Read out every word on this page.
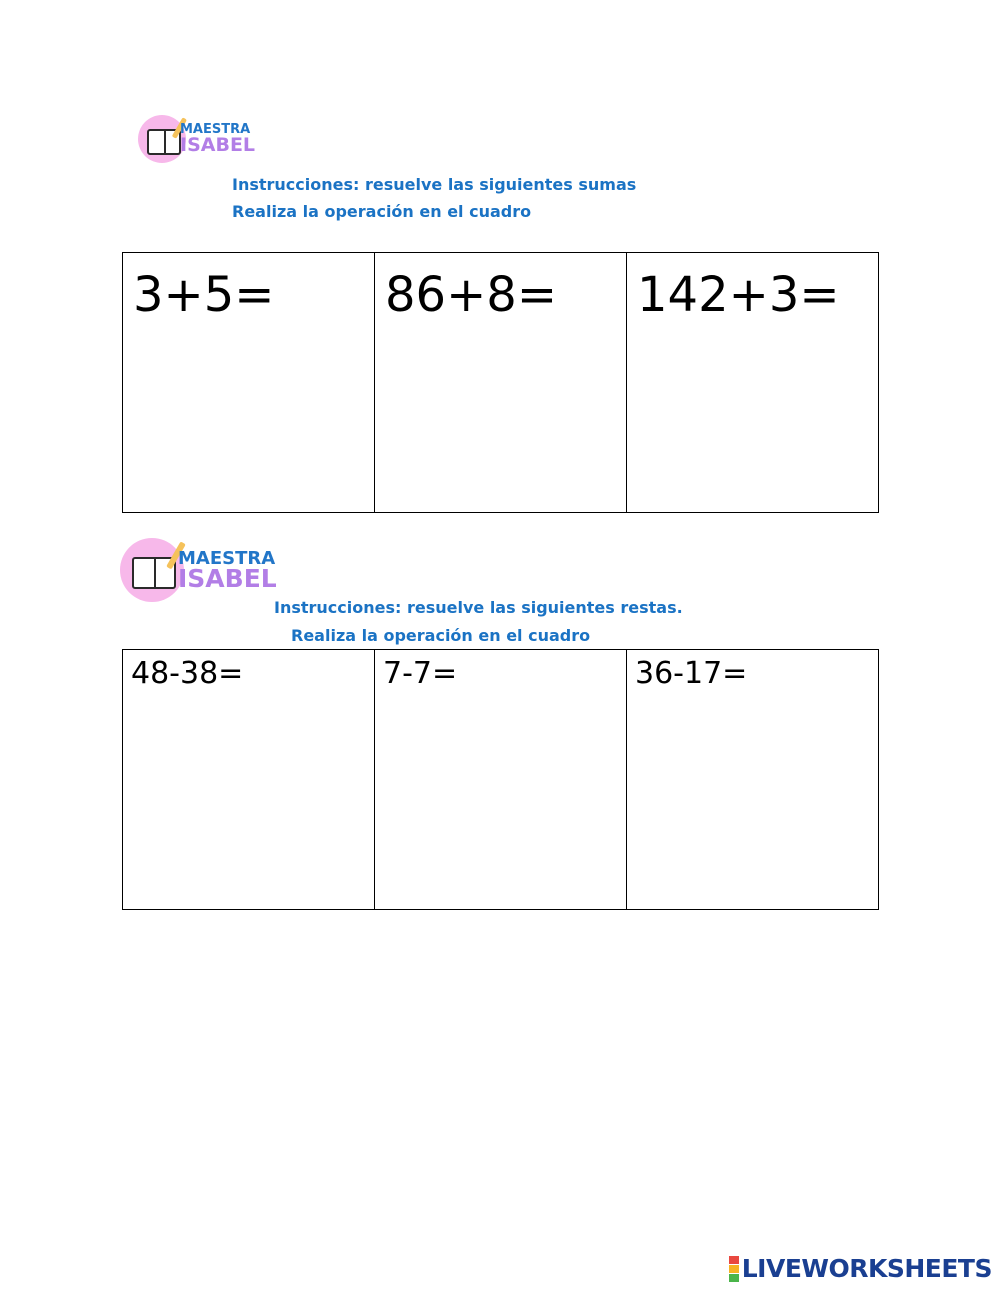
MAESTRA
ISABEL
Instrucciones: resuelve las siguientes sumas
Realiza la operación en el cuadro
3+5=	86+8=	142+3=
MAESTRA
ISABEL
Instrucciones: resuelve las siguientes restas.
Realiza la operación en el cuadro
48-38=	7-7=	36-17=
LIVEWORKSHEETS
